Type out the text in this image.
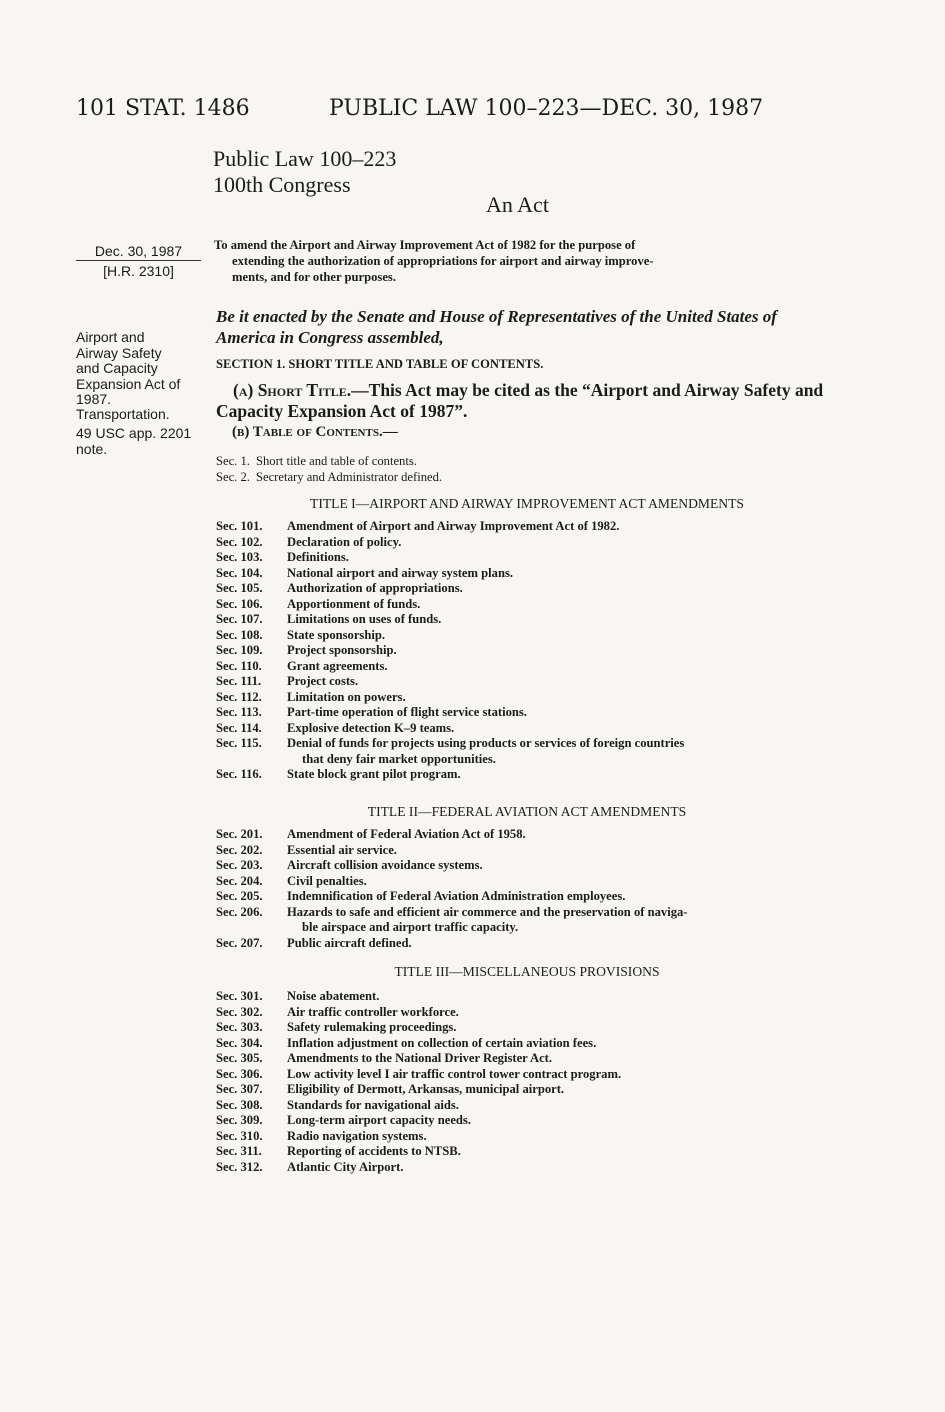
101 STAT. 1486	PUBLIC LAW 100–223—DEC. 30, 1987
Public Law 100–223
100th Congress
An Act
Dec. 30, 1987
[H.R. 2310]
Airport and
Airway Safety
and Capacity
Expansion Act of
1987.
Transportation.
49 USC app. 2201
note.
To amend the Airport and Airway Improvement Act of 1982 for the purpose of
extending the authorization of appropriations for airport and airway improve-
ments, and for other purposes.
Be it enacted by the Senate and House of Representatives of the United States of America in Congress assembled,
SECTION 1. SHORT TITLE AND TABLE OF CONTENTS.
(a) Short Title.—This Act may be cited as the “Airport and Airway Safety and Capacity Expansion Act of 1987”.
(b) Table of Contents.—
Sec. 1. Short title and table of contents.
Sec. 2. Secretary and Administrator defined.
TITLE I—AIRPORT AND AIRWAY IMPROVEMENT ACT AMENDMENTS
Sec. 101.	Amendment of Airport and Airway Improvement Act of 1982.
Sec. 102.	Declaration of policy.
Sec. 103.	Definitions.
Sec. 104.	National airport and airway system plans.
Sec. 105.	Authorization of appropriations.
Sec. 106.	Apportionment of funds.
Sec. 107.	Limitations on uses of funds.
Sec. 108.	State sponsorship.
Sec. 109.	Project sponsorship.
Sec. 110.	Grant agreements.
Sec. 111.	Project costs.
Sec. 112.	Limitation on powers.
Sec. 113.	Part-time operation of flight service stations.
Sec. 114.	Explosive detection K–9 teams.
Sec. 115.	Denial of funds for projects using products or services of foreign countries
that deny fair market opportunities.
Sec. 116.	State block grant pilot program.
TITLE II—FEDERAL AVIATION ACT AMENDMENTS
Sec. 201.	Amendment of Federal Aviation Act of 1958.
Sec. 202.	Essential air service.
Sec. 203.	Aircraft collision avoidance systems.
Sec. 204.	Civil penalties.
Sec. 205.	Indemnification of Federal Aviation Administration employees.
Sec. 206.	Hazards to safe and efficient air commerce and the preservation of naviga-
ble airspace and airport traffic capacity.
Sec. 207.	Public aircraft defined.
TITLE III—MISCELLANEOUS PROVISIONS
Sec. 301.	Noise abatement.
Sec. 302.	Air traffic controller workforce.
Sec. 303.	Safety rulemaking proceedings.
Sec. 304.	Inflation adjustment on collection of certain aviation fees.
Sec. 305.	Amendments to the National Driver Register Act.
Sec. 306.	Low activity level I air traffic control tower contract program.
Sec. 307.	Eligibility of Dermott, Arkansas, municipal airport.
Sec. 308.	Standards for navigational aids.
Sec. 309.	Long-term airport capacity needs.
Sec. 310.	Radio navigation systems.
Sec. 311.	Reporting of accidents to NTSB.
Sec. 312.	Atlantic City Airport.
